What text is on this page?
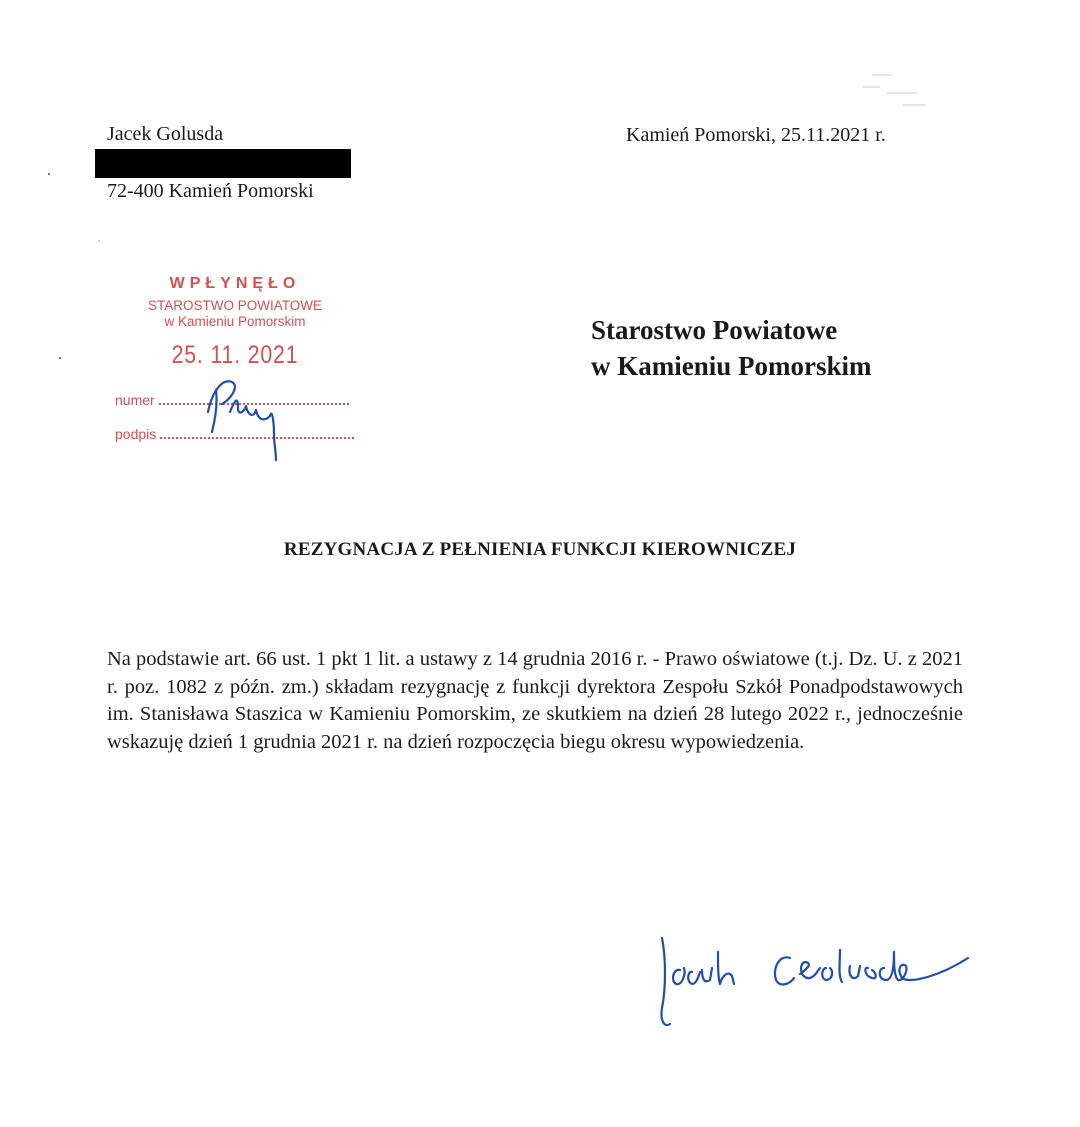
Jacek Golusda
72-400 Kamień Pomorski
Kamień Pomorski, 25.11.2021 r.
WPŁYNĘŁO
STAROSTWO POWIATOWE
w Kamieniu Pomorskim
25. 11. 2021
numer
podpis
Starostwo Powiatowe
w Kamieniu Pomorskim
REZYGNACJA Z PEŁNIENIA FUNKCJI KIEROWNICZEJ
Na podstawie art. 66 ust. 1 pkt 1 lit. a ustawy z 14 grudnia 2016 r. - Prawo oświatowe (t.j. Dz. U. z 2021 r. poz. 1082 z późn. zm.) składam rezygnację z funkcji dyrektora Zespołu Szkół Ponadpodstawowych im. Stanisława Staszica w Kamieniu Pomorskim, ze skutkiem na dzień 28 lutego 2022 r., jednocześnie wskazuję dzień 1 grudnia 2021 r. na dzień rozpoczęcia biegu okresu wypowiedzenia.
